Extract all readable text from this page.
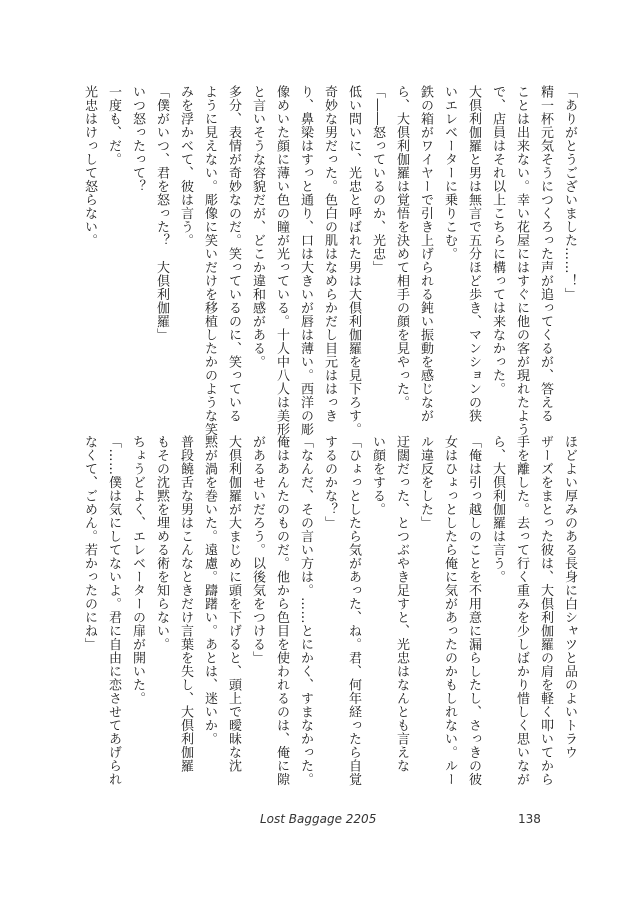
「ありがとうございました……！」
精一杯元気そうにつくろった声が追ってくるが、答える
ことは出来ない。幸い花屋にはすぐに他の客が現れたよう
で、店員はそれ以上こちらに構っては来なかった。
大倶利伽羅と男は無言で五分ほど歩き、マンションの狭
いエレベーターに乗りこむ。
鉄の箱がワイヤーで引き上げられる鈍い振動を感じなが
ら、大倶利伽羅は覚悟を決めて相手の顔を見やった。
「――怒っているのか、光忠」
低い問いに、光忠と呼ばれた男は大倶利伽羅を見下ろす。
奇妙な男だった。色白の肌はなめらかだし目元ははっき
り、鼻梁はすっと通り、口は大きいが唇は薄い。西洋の彫
像めいた顔に薄い色の瞳が光っている。十人中八人は美形
と言いそうな容貌だが、どこか違和感がある。
多分、表情が奇妙なのだ。笑っているのに、笑っている
ように見えない。彫像に笑いだけを移植したかのような笑
みを浮かべて、彼は言う。
「僕がいつ、君を怒った？　大倶利伽羅」
いつ怒ったって？
一度も、だ。
光忠はけっして怒らない。
ほどよい厚みのある長身に白シャツと品のよいトラウ
ザーズをまとった彼は、大倶利伽羅の肩を軽く叩いてから
手を離した。去って行く重みを少しばかり惜しく思いなが
ら、大倶利伽羅は言う。
「俺は引っ越しのことを不用意に漏らしたし、さっきの彼
女はひょっとしたら俺に気があったのかもしれない。ルー
ル違反をした」
迂闊だった、とつぶやき足すと、光忠はなんとも言えな
い顔をする。
「ひょっとしたら気があった、ね。君、何年経ったら自覚
するのかな？」
「なんだ、その言い方は。……とにかく、すまなかった。
俺はあんたのものだ。他から色目を使われるのは、俺に隙
があるせいだろう。以後気をつける」
大倶利伽羅が大まじめに頭を下げると、頭上で曖昧な沈
黙が渦を巻いた。遠慮。躊躇い。あとは、迷いか。
普段饒舌な男はこんなときだけ言葉を失し、大倶利伽羅
もその沈黙を埋める術を知らない。
ちょうどよく、エレベーターの扉が開いた。
「……僕は気にしてないよ。君に自由に恋させてあげられ
なくて、ごめん。若かったのにね」
Lost Baggage 2205	138
